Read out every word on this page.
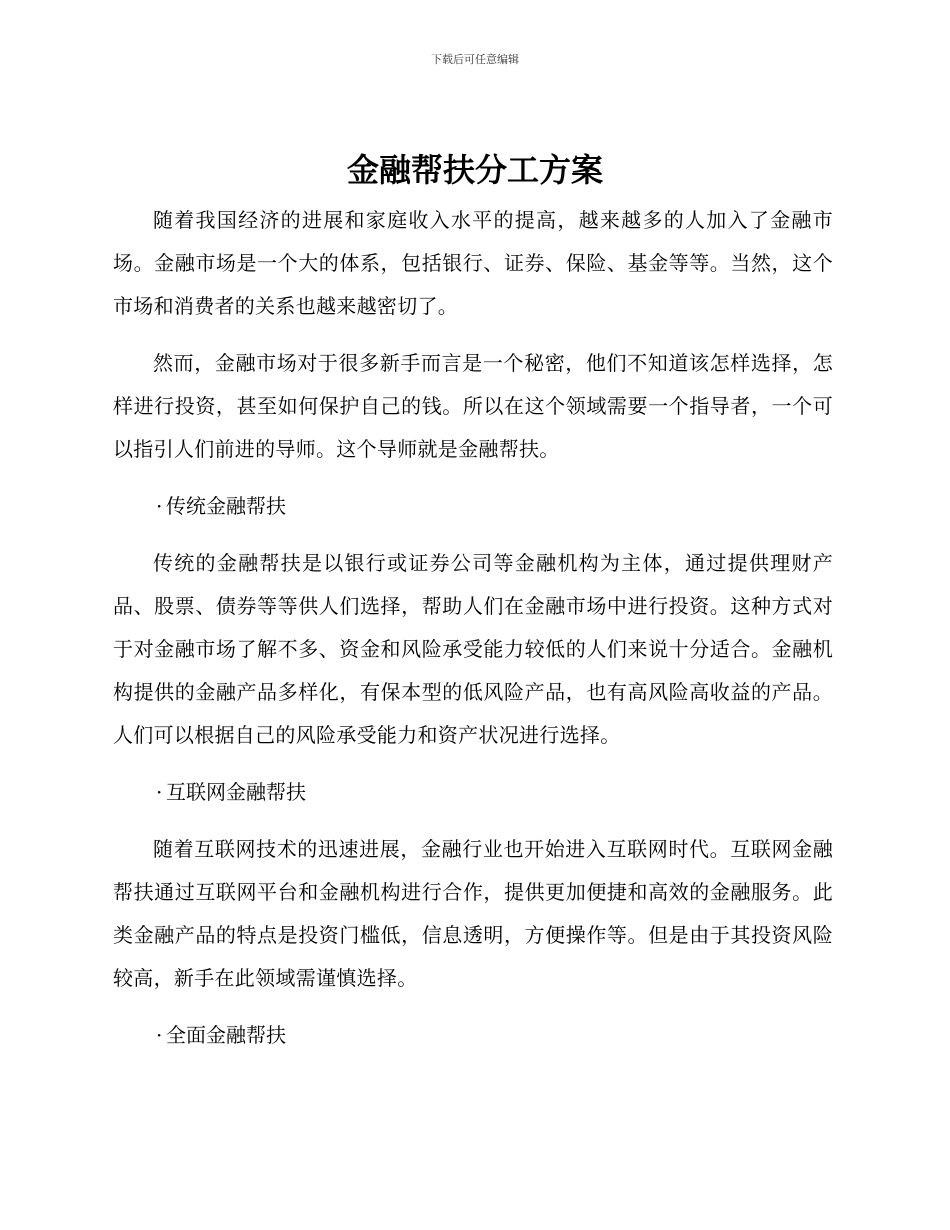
下载后可任意编辑
金融帮扶分工方案

随着我国经济的进展和家庭收入水平的提高，越来越多的人加入了金融市场。金融市场是一个大的体系，包括银行、证券、保险、基金等等。当然，这个市场和消费者的关系也越来越密切了。

然而，金融市场对于很多新手而言是一个秘密，他们不知道该怎样选择，怎样进行投资，甚至如何保护自己的钱。所以在这个领域需要一个指导者，一个可以指引人们前进的导师。这个导师就是金融帮扶。

· 传统金融帮扶

传统的金融帮扶是以银行或证券公司等金融机构为主体，通过提供理财产品、股票、债券等等供人们选择，帮助人们在金融市场中进行投资。这种方式对于对金融市场了解不多、资金和风险承受能力较低的人们来说十分适合。金融机构提供的金融产品多样化，有保本型的低风险产品，也有高风险高收益的产品。人们可以根据自己的风险承受能力和资产状况进行选择。

· 互联网金融帮扶

随着互联网技术的迅速进展，金融行业也开始进入互联网时代。互联网金融帮扶通过互联网平台和金融机构进行合作，提供更加便捷和高效的金融服务。此类金融产品的特点是投资门槛低，信息透明，方便操作等。但是由于其投资风险较高，新手在此领域需谨慎选择。

· 全面金融帮扶
